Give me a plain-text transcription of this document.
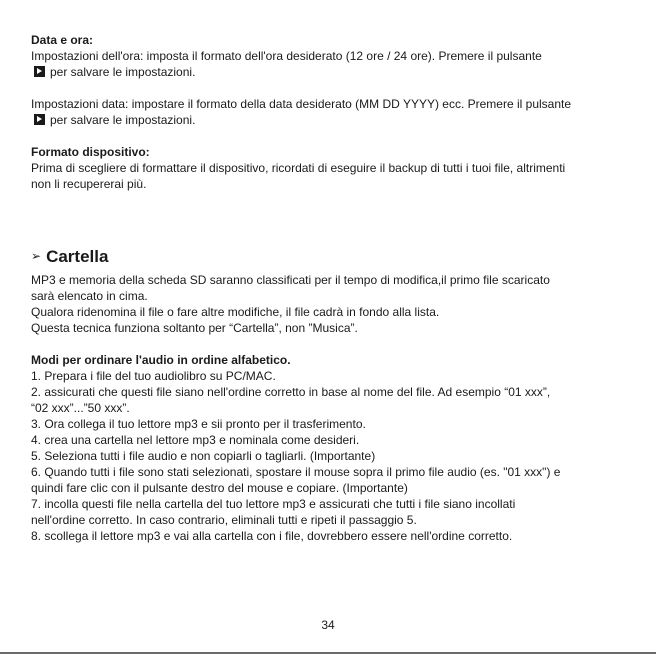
Data e ora:

Impostazioni dell'ora: imposta il formato dell'ora desiderato (12 ore / 24 ore). Premere il pulsante

per salvare le impostazioni.

Impostazioni data: impostare il formato della data desiderato (MM DD YYYY) ecc. Premere il pulsante

per salvare le impostazioni.

Formato dispositivo:

Prima di scegliere di formattare il dispositivo, ricordati di eseguire il backup di tutti i tuoi file, altrimenti

non li recupererai più.

➢ Cartella

MP3 e memoria della scheda SD saranno classificati per il tempo di modifica,il primo file scaricato

sarà elencato in cima.

Qualora ridenomina il file o fare altre modifiche, il file cadrà in fondo alla lista.

Questa tecnica funziona soltanto per “Cartella”, non ”Musica”.

Modi per ordinare l'audio in ordine alfabetico.

1. Prepara i file del tuo audiolibro su PC/MAC.

2. assicurati che questi file siano nell'ordine corretto in base al nome del file. Ad esempio “01 xxx”,

“02 xxx”...”50 xxx”.

3. Ora collega il tuo lettore mp3 e sii pronto per il trasferimento.

4. crea una cartella nel lettore mp3 e nominala come desideri.

5. Seleziona tutti i file audio e non copiarli o tagliarli. (Importante)

6. Quando tutti i file sono stati selezionati, spostare il mouse sopra il primo file audio (es. "01 xxx") e

quindi fare clic con il pulsante destro del mouse e copiare. (Importante)

7. incolla questi file nella cartella del tuo lettore mp3 e assicurati che tutti i file siano incollati

nell'ordine corretto. In caso contrario, eliminali tutti e ripeti il passaggio 5.

8. scollega il lettore mp3 e vai alla cartella con i file, dovrebbero essere nell'ordine corretto.

34
